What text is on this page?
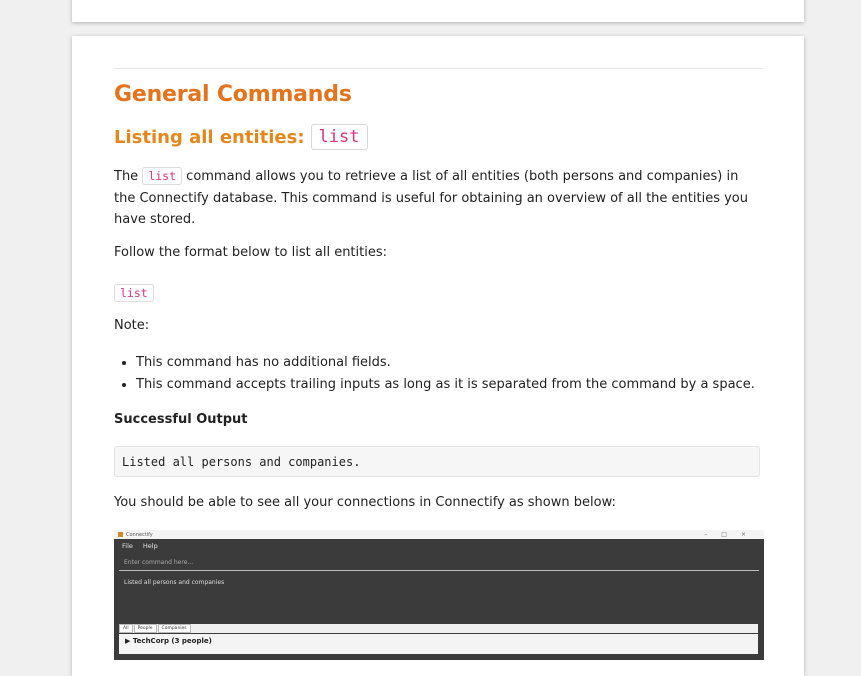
General Commands
Listing all entities: list
The list command allows you to retrieve a list of all entities (both persons and companies) in the Connectify database. This command is useful for obtaining an overview of all the entities you have stored.
Follow the format below to list all entities:
list
Note:
• This command has no additional fields.
• This command accepts trailing inputs as long as it is separated from the command by a space.
Successful Output
Listed all persons and companies.
You should be able to see all your connections in Connectify as shown below:
Connectify	– □ ×
File Help
Enter command here...
Listed all persons and companies
All	People	Companies
▶ TechCorp (3 people)
